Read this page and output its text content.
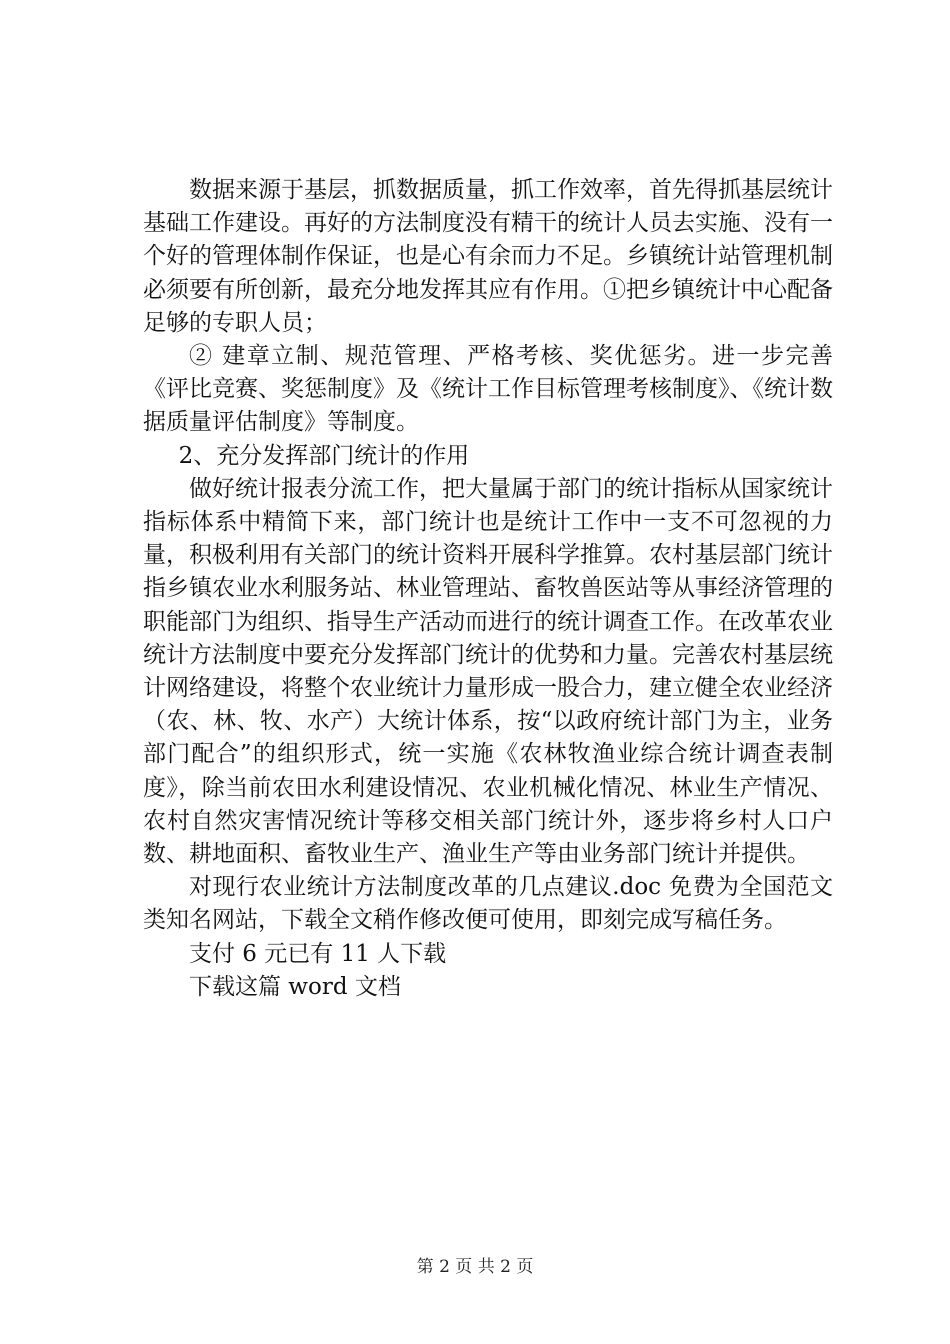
数据来源于基层，抓数据质量，抓工作效率，首先得抓基层统计基础工作建设。再好的方法制度没有精干的统计人员去实施、没有一个好的管理体制作保证，也是心有余而力不足。乡镇统计站管理机制必须要有所创新，最充分地发挥其应有作用。①把乡镇统计中心配备足够的专职人员；

② 建章立制、规范管理、严格考核、奖优惩劣。进一步完善《评比竞赛、奖惩制度》及《统计工作目标管理考核制度》、《统计数据质量评估制度》等制度。

2、充分发挥部门统计的作用

做好统计报表分流工作，把大量属于部门的统计指标从国家统计指标体系中精简下来，部门统计也是统计工作中一支不可忽视的力量，积极利用有关部门的统计资料开展科学推算。农村基层部门统计指乡镇农业水利服务站、林业管理站、畜牧兽医站等从事经济管理的职能部门为组织、指导生产活动而进行的统计调查工作。在改革农业统计方法制度中要充分发挥部门统计的优势和力量。完善农村基层统计网络建设，将整个农业统计力量形成一股合力，建立健全农业经济（农、林、牧、水产）大统计体系，按“以政府统计部门为主，业务部门配合”的组织形式，统一实施《农林牧渔业综合统计调查表制度》，除当前农田水利建设情况、农业机械化情况、林业生产情况、农村自然灾害情况统计等移交相关部门统计外，逐步将乡村人口户数、耕地面积、畜牧业生产、渔业生产等由业务部门统计并提供。

对现行农业统计方法制度改革的几点建议.doc 免费为全国范文类知名网站，下载全文稍作修改便可使用，即刻完成写稿任务。

支付 6 元已有 11 人下载

下载这篇 word 文档

第 2 页 共 2 页
